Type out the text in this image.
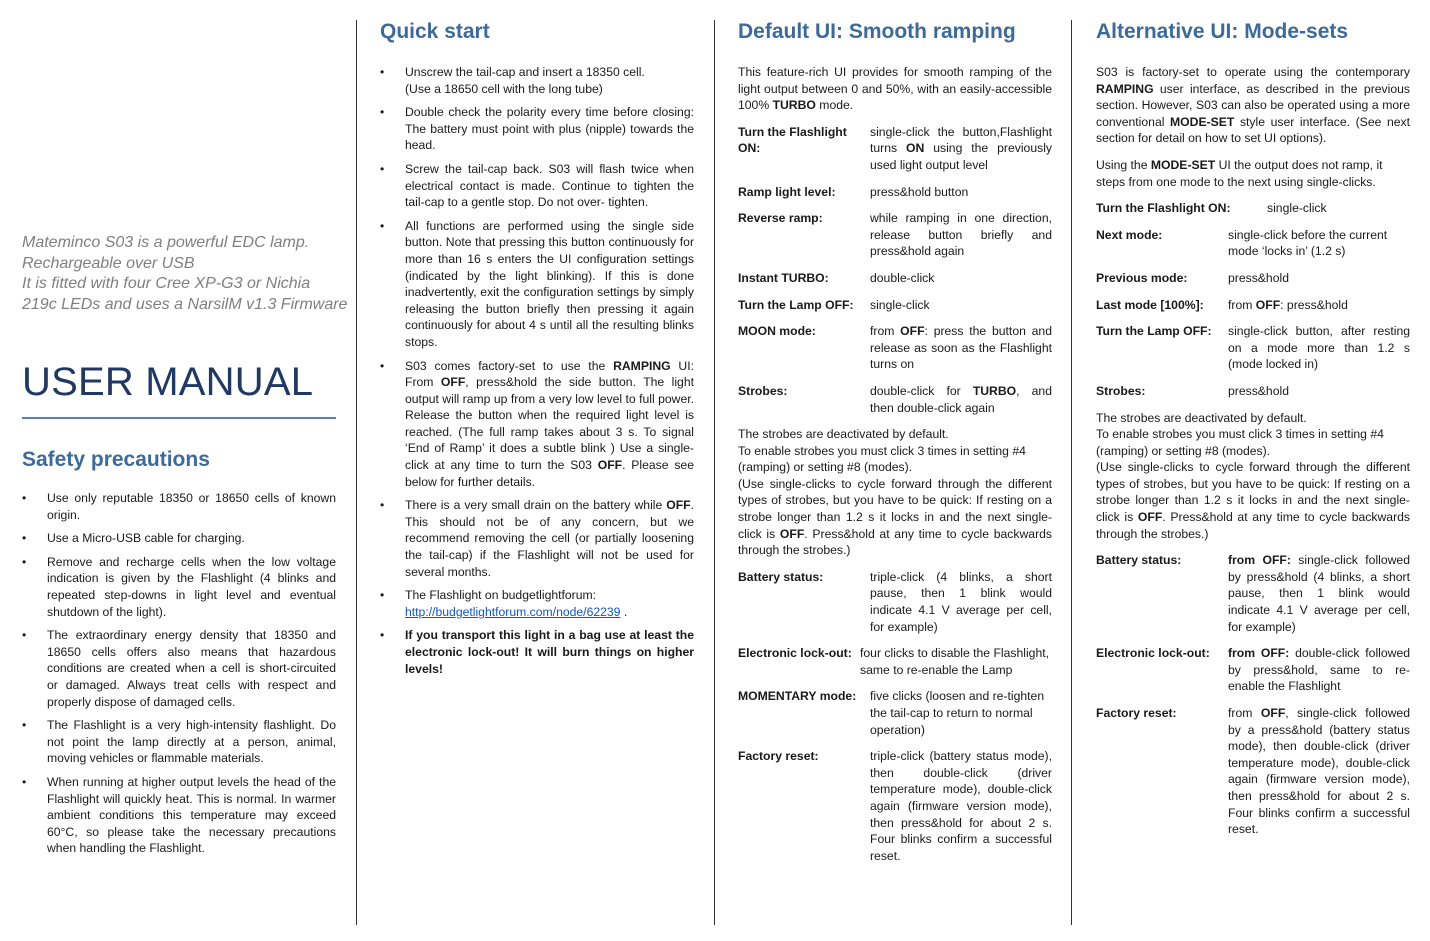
Mateminco S03 is a powerful EDC lamp.
Rechargeable over USB
It is fitted with four Cree XP-G3 or Nichia
219c LEDs and uses a NarsilM v1.3 Firmware
USER MANUAL
Safety precautions
• Use only reputable 18350 or 18650 cells of known origin.
• Use a Micro-USB cable for charging.
• Remove and recharge cells when the low voltage indication is given by the Flashlight (4 blinks and repeated step-downs in light level and eventual shutdown of the light).
• The extraordinary energy density that 18350 and 18650 cells offers also means that hazardous conditions are created when a cell is short-circuited or damaged. Always treat cells with respect and properly dispose of damaged cells.
• The Flashlight is a very high-intensity flashlight. Do not point the lamp directly at a person, animal, moving vehicles or flammable materials.
• When running at higher output levels the head of the Flashlight will quickly heat. This is normal. In warmer ambient conditions this temperature may exceed 60°C, so please take the necessary precautions when handling the Flashlight.
Quick start
• Unscrew the tail-cap and insert a 18350 cell.
(Use a 18650 cell with the long tube)
• Double check the polarity every time before closing: The battery must point with plus (nipple) towards the head.
• Screw the tail-cap back. S03 will flash twice when electrical contact is made. Continue to tighten the tail-cap to a gentle stop. Do not over- tighten.
• All functions are performed using the single side button. Note that pressing this button continuously for more than 16 s enters the UI configuration settings (indicated by the light blinking). If this is done inadvertently, exit the configuration settings by simply releasing the button briefly then pressing it again continuously for about 4 s until all the resulting blinks stops.
• S03 comes factory-set to use the RAMPING UI: From OFF, press&hold the side button. The light output will ramp up from a very low level to full power. Release the button when the required light level is reached. (The full ramp takes about 3 s. To signal ‘End of Ramp’ it does a subtle blink ) Use a single-click at any time to turn the S03 OFF. Please see below for further details.
• There is a very small drain on the battery while OFF. This should not be of any concern, but we recommend removing the cell (or partially loosening the tail-cap) if the Flashlight will not be used for several months.
• The Flashlight on budgetlightforum:
http://budgetlightforum.com/node/62239 .
• If you transport this light in a bag use at least the electronic lock-out! It will burn things on higher levels!
Default UI: Smooth ramping

This feature-rich UI provides for smooth ramping of the light output between 0 and 50%, with an easily-accessible 100% TURBO mode.

Turn the Flashlight ON:
single-click the button,Flashlight turns ON using the previously used light output level
Ramp light level:	press&hold button
Reverse ramp:	while ramping in one direction, release button briefly and press&hold again
Instant TURBO:	double-click
Turn the Lamp OFF:	single-click
MOON mode:	from OFF: press the button and release as soon as the Flashlight turns on
Strobes:	double-click for TURBO, and then double-click again
The strobes are deactivated by default.
To enable strobes you must click 3 times in setting #4 (ramping) or setting #8 (modes).
(Use single-clicks to cycle forward through the different types of strobes, but you have to be quick: If resting on a strobe longer than 1.2 s it locks in and the next single-click is OFF. Press&hold at any time to cycle backwards through the strobes.)
Battery status:	triple-click (4 blinks, a short pause, then 1 blink would indicate 4.1 V average per cell, for example)
Electronic lock-out: four clicks to disable the Flashlight, same to re-enable the Lamp
MOMENTARY mode:	five clicks (loosen and re-tighten the tail-cap to return to normal operation)
Factory reset:	triple-click (battery status mode), then double-click (driver temperature mode), double-click again (firmware version mode), then press&hold for about 2 s. Four blinks confirm a successful reset.
Alternative UI: Mode-sets

S03 is factory-set to operate using the contemporary RAMPING user interface, as described in the previous section. However, S03 can also be operated using a more conventional MODE-SET style user interface. (See next section for detail on how to set UI options).

Using the MODE-SET UI the output does not ramp, it steps from one mode to the next using single-clicks.

Turn the Flashlight ON:	single-click
Next mode:	single-click before the current mode ‘locks in’ (1.2 s)
Previous mode:	press&hold
Last mode [100%]:	from OFF: press&hold
Turn the Lamp OFF:	single-click button, after resting on a mode more than 1.2 s (mode locked in)
Strobes:	press&hold
The strobes are deactivated by default.
To enable strobes you must click 3 times in setting #4 (ramping) or setting #8 (modes).
(Use single-clicks to cycle forward through the different types of strobes, but you have to be quick: If resting on a strobe longer than 1.2 s it locks in and the next single-click is OFF. Press&hold at any time to cycle backwards through the strobes.)
Battery status:	from OFF: single-click followed by press&hold (4 blinks, a short pause, then 1 blink would indicate 4.1 V average per cell, for example)
Electronic lock-out:	from OFF: double-click followed by press&hold, same to re-enable the Flashlight
Factory reset:	from OFF, single-click followed by a press&hold (battery status mode), then double-click (driver temperature mode), double-click again (firmware version mode), then press&hold for about 2 s. Four blinks confirm a successful reset.
